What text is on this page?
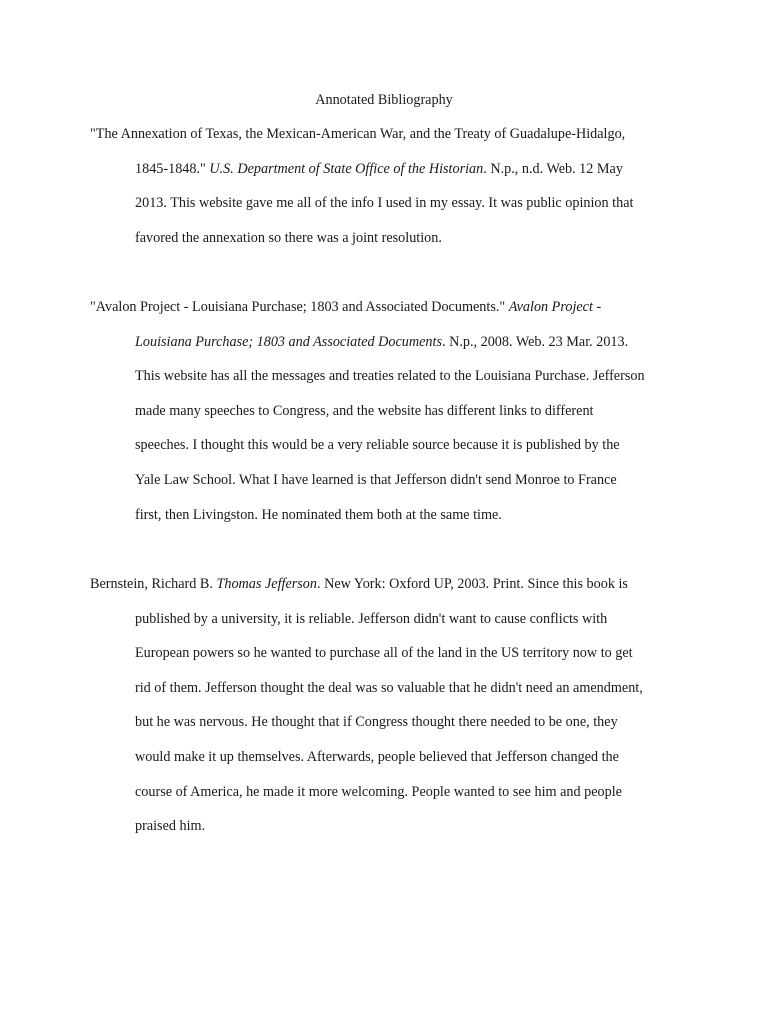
Annotated Bibliography
"The Annexation of Texas, the Mexican-American War, and the Treaty of Guadalupe-Hidalgo,
1845-1848." U.S. Department of State Office of the Historian. N.p., n.d. Web. 12 May
2013. This website gave me all of the info I used in my essay. It was public opinion that
favored the annexation so there was a joint resolution.
"Avalon Project - Louisiana Purchase; 1803 and Associated Documents." Avalon Project -
Louisiana Purchase; 1803 and Associated Documents. N.p., 2008. Web. 23 Mar. 2013.
This website has all the messages and treaties related to the Louisiana Purchase. Jefferson
made many speeches to Congress, and the website has different links to different
speeches. I thought this would be a very reliable source because it is published by the
Yale Law School. What I have learned is that Jefferson didn't send Monroe to France
first, then Livingston. He nominated them both at the same time.
Bernstein, Richard B. Thomas Jefferson. New York: Oxford UP, 2003. Print. Since this book is
published by a university, it is reliable. Jefferson didn't want to cause conflicts with
European powers so he wanted to purchase all of the land in the US territory now to get
rid of them. Jefferson thought the deal was so valuable that he didn't need an amendment,
but he was nervous. He thought that if Congress thought there needed to be one, they
would make it up themselves. Afterwards, people believed that Jefferson changed the
course of America, he made it more welcoming. People wanted to see him and people
praised him.
